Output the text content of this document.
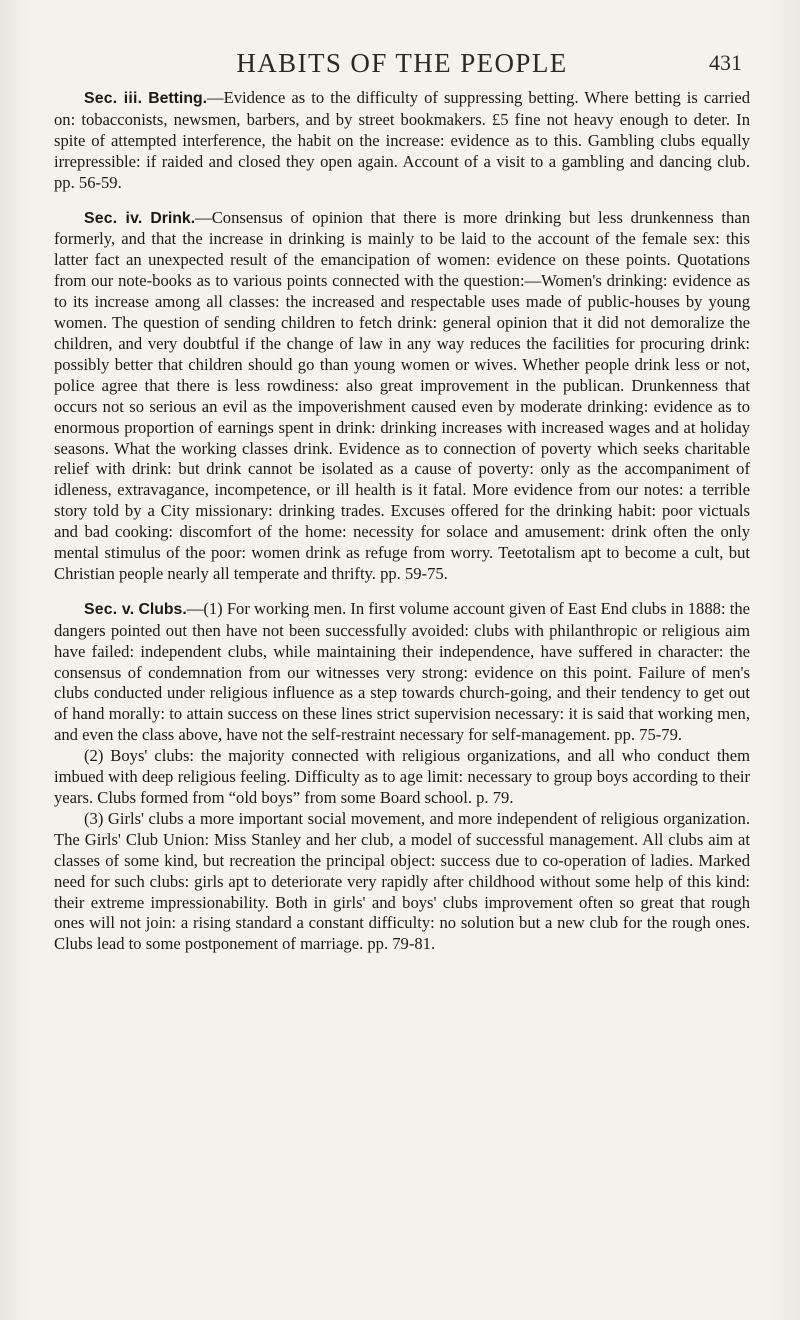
HABITS OF THE PEOPLE	431

Sec. iii. Betting.—Evidence as to the difficulty of suppressing betting. Where betting is carried on: tobacconists, newsmen, barbers, and by street bookmakers. £5 fine not heavy enough to deter. In spite of attempted interference, the habit on the increase: evidence as to this. Gambling clubs equally irrepressible: if raided and closed they open again. Account of a visit to a gambling and dancing club. pp. 56-59.

Sec. iv. Drink.—Consensus of opinion that there is more drinking but less drunkenness than formerly, and that the increase in drinking is mainly to be laid to the account of the female sex: this latter fact an unexpected result of the emancipation of women: evidence on these points. Quotations from our note-books as to various points connected with the question:—Women's drinking: evidence as to its increase among all classes: the increased and respectable uses made of public-houses by young women. The question of sending children to fetch drink: general opinion that it did not demoralize the children, and very doubtful if the change of law in any way reduces the facilities for procuring drink: possibly better that children should go than young women or wives. Whether people drink less or not, police agree that there is less rowdiness: also great improvement in the publican. Drunkenness that occurs not so serious an evil as the impoverishment caused even by moderate drinking: evidence as to enormous proportion of earnings spent in drink: drinking increases with increased wages and at holiday seasons. What the working classes drink. Evidence as to connection of poverty which seeks charitable relief with drink: but drink cannot be isolated as a cause of poverty: only as the accompaniment of idleness, extravagance, incompetence, or ill health is it fatal. More evidence from our notes: a terrible story told by a City missionary: drinking trades. Excuses offered for the drinking habit: poor victuals and bad cooking: discomfort of the home: necessity for solace and amusement: drink often the only mental stimulus of the poor: women drink as refuge from worry. Teetotalism apt to become a cult, but Christian people nearly all temperate and thrifty. pp. 59-75.

Sec. v. Clubs.—(1) For working men. In first volume account given of East End clubs in 1888: the dangers pointed out then have not been successfully avoided: clubs with philanthropic or religious aim have failed: independent clubs, while maintaining their independence, have suffered in character: the consensus of condemnation from our witnesses very strong: evidence on this point. Failure of men's clubs conducted under religious influence as a step towards church-going, and their tendency to get out of hand morally: to attain success on these lines strict supervision necessary: it is said that working men, and even the class above, have not the self-restraint necessary for self-management. pp. 75-79.

(2) Boys' clubs: the majority connected with religious organizations, and all who conduct them imbued with deep religious feeling. Difficulty as to age limit: necessary to group boys according to their years. Clubs formed from “old boys” from some Board school. p. 79.

(3) Girls' clubs a more important social movement, and more independent of religious organization. The Girls' Club Union: Miss Stanley and her club, a model of successful management. All clubs aim at classes of some kind, but recreation the principal object: success due to co-operation of ladies. Marked need for such clubs: girls apt to deteriorate very rapidly after childhood without some help of this kind: their extreme impressionability. Both in girls' and boys' clubs improvement often so great that rough ones will not join: a rising standard a constant difficulty: no solution but a new club for the rough ones. Clubs lead to some postponement of marriage. pp. 79-81.
